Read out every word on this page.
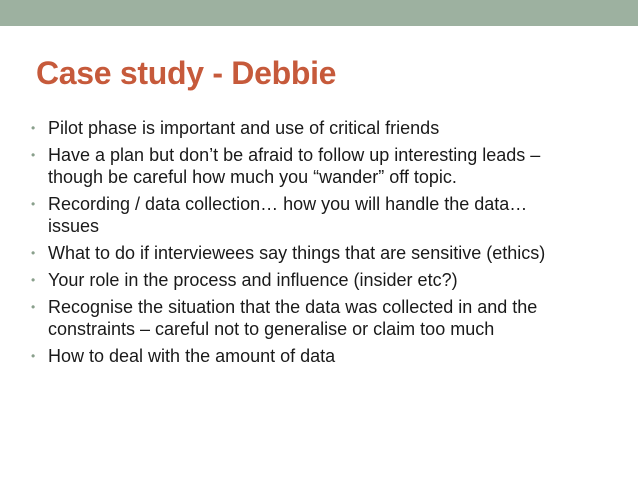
Case study - Debbie
• Pilot phase is important and use of critical friends
• Have a plan but don’t be afraid to follow up interesting leads – though be careful how much you “wander” off topic.
• Recording / data collection… how you will handle the data… issues
• What to do if interviewees say things that are sensitive (ethics)
• Your role in the process and influence (insider etc?)
• Recognise the situation that the data was collected in and the constraints – careful not to generalise or claim too much
• How to deal with the amount of data
